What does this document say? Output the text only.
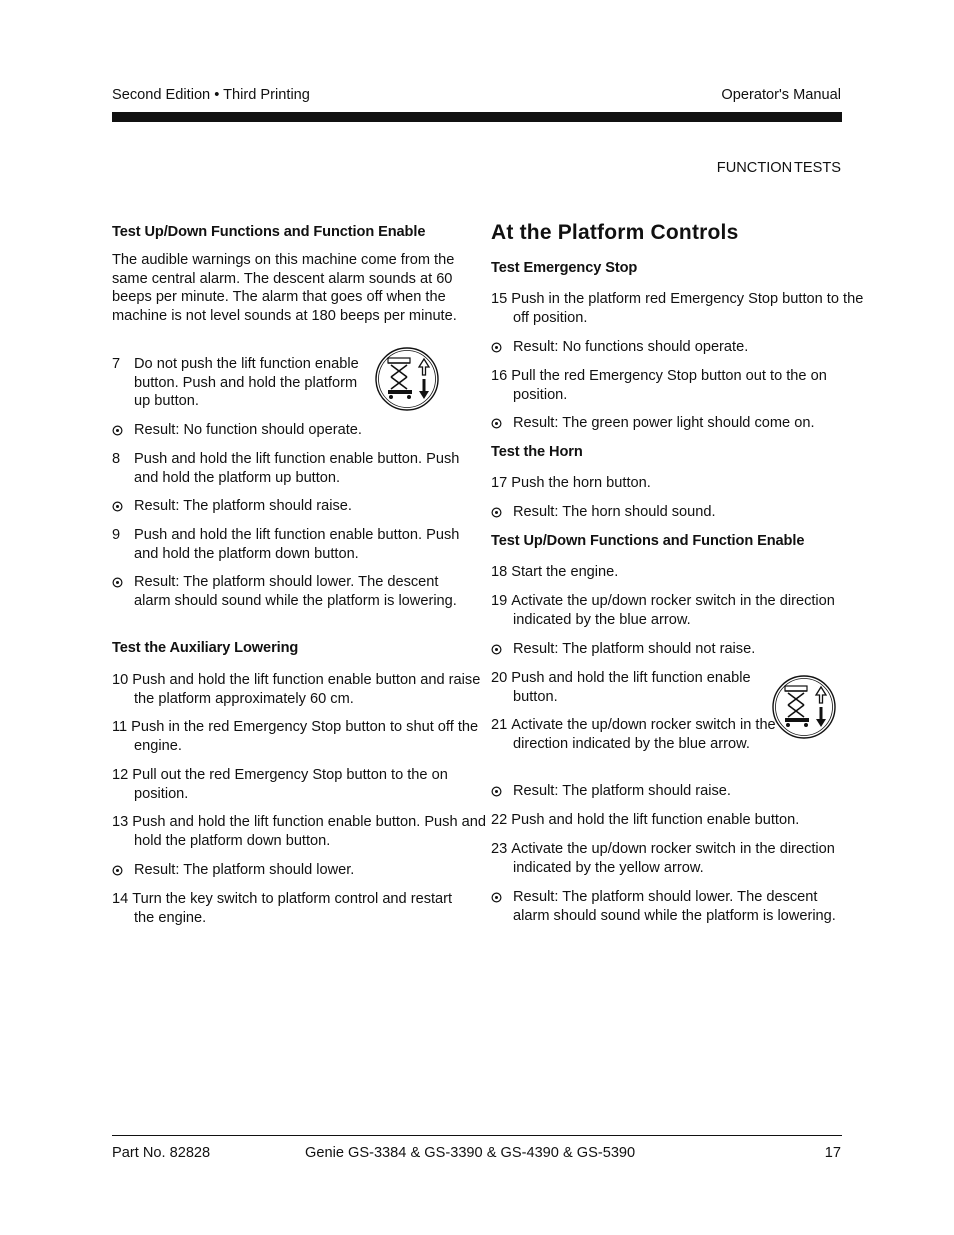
Second Edition • Third Printing	Operator's Manual
FUNCTION TESTS
Test Up/Down Functions and Function Enable
The audible warnings on this machine come from the same central alarm. The descent alarm sounds at 60 beeps per minute. The alarm that goes off when the machine is not level sounds at 180 beeps per minute.
7 Do not push the lift function enable button. Push and hold the platform up button.
Result: No function should operate.
8 Push and hold the lift function enable button. Push and hold the platform up button.
Result: The platform should raise.
9 Push and hold the lift function enable button. Push and hold the platform down button.
Result: The platform should lower. The descent alarm should sound while the platform is lowering.
Test the Auxiliary Lowering
10 Push and hold the lift function enable button and raise the platform approximately 60 cm.
11 Push in the red Emergency Stop button to shut off the engine.
12 Pull out the red Emergency Stop button to the on position.
13 Push and hold the lift function enable button. Push and hold the platform down button.
Result: The platform should lower.
14 Turn the key switch to platform control and restart the engine.
At the Platform Controls
Test Emergency Stop
15 Push in the platform red Emergency Stop button to the off position.
Result: No functions should operate.
16 Pull the red Emergency Stop button out to the on position.
Result: The green power light should come on.
Test the Horn
17 Push the horn button.
Result: The horn should sound.
Test Up/Down Functions and Function Enable
18 Start the engine.
19 Activate the up/down rocker switch in the direction indicated by the blue arrow.
Result: The platform should not raise.
20 Push and hold the lift function enable button.
21 Activate the up/down rocker switch in the direction indicated by the blue arrow.
Result: The platform should raise.
22 Push and hold the lift function enable button.
23 Activate the up/down rocker switch in the direction indicated by the yellow arrow.
Result: The platform should lower. The descent alarm should sound while the platform is lowering.
Part No. 82828	Genie GS-3384 & GS-3390 & GS-4390 & GS-5390	17
